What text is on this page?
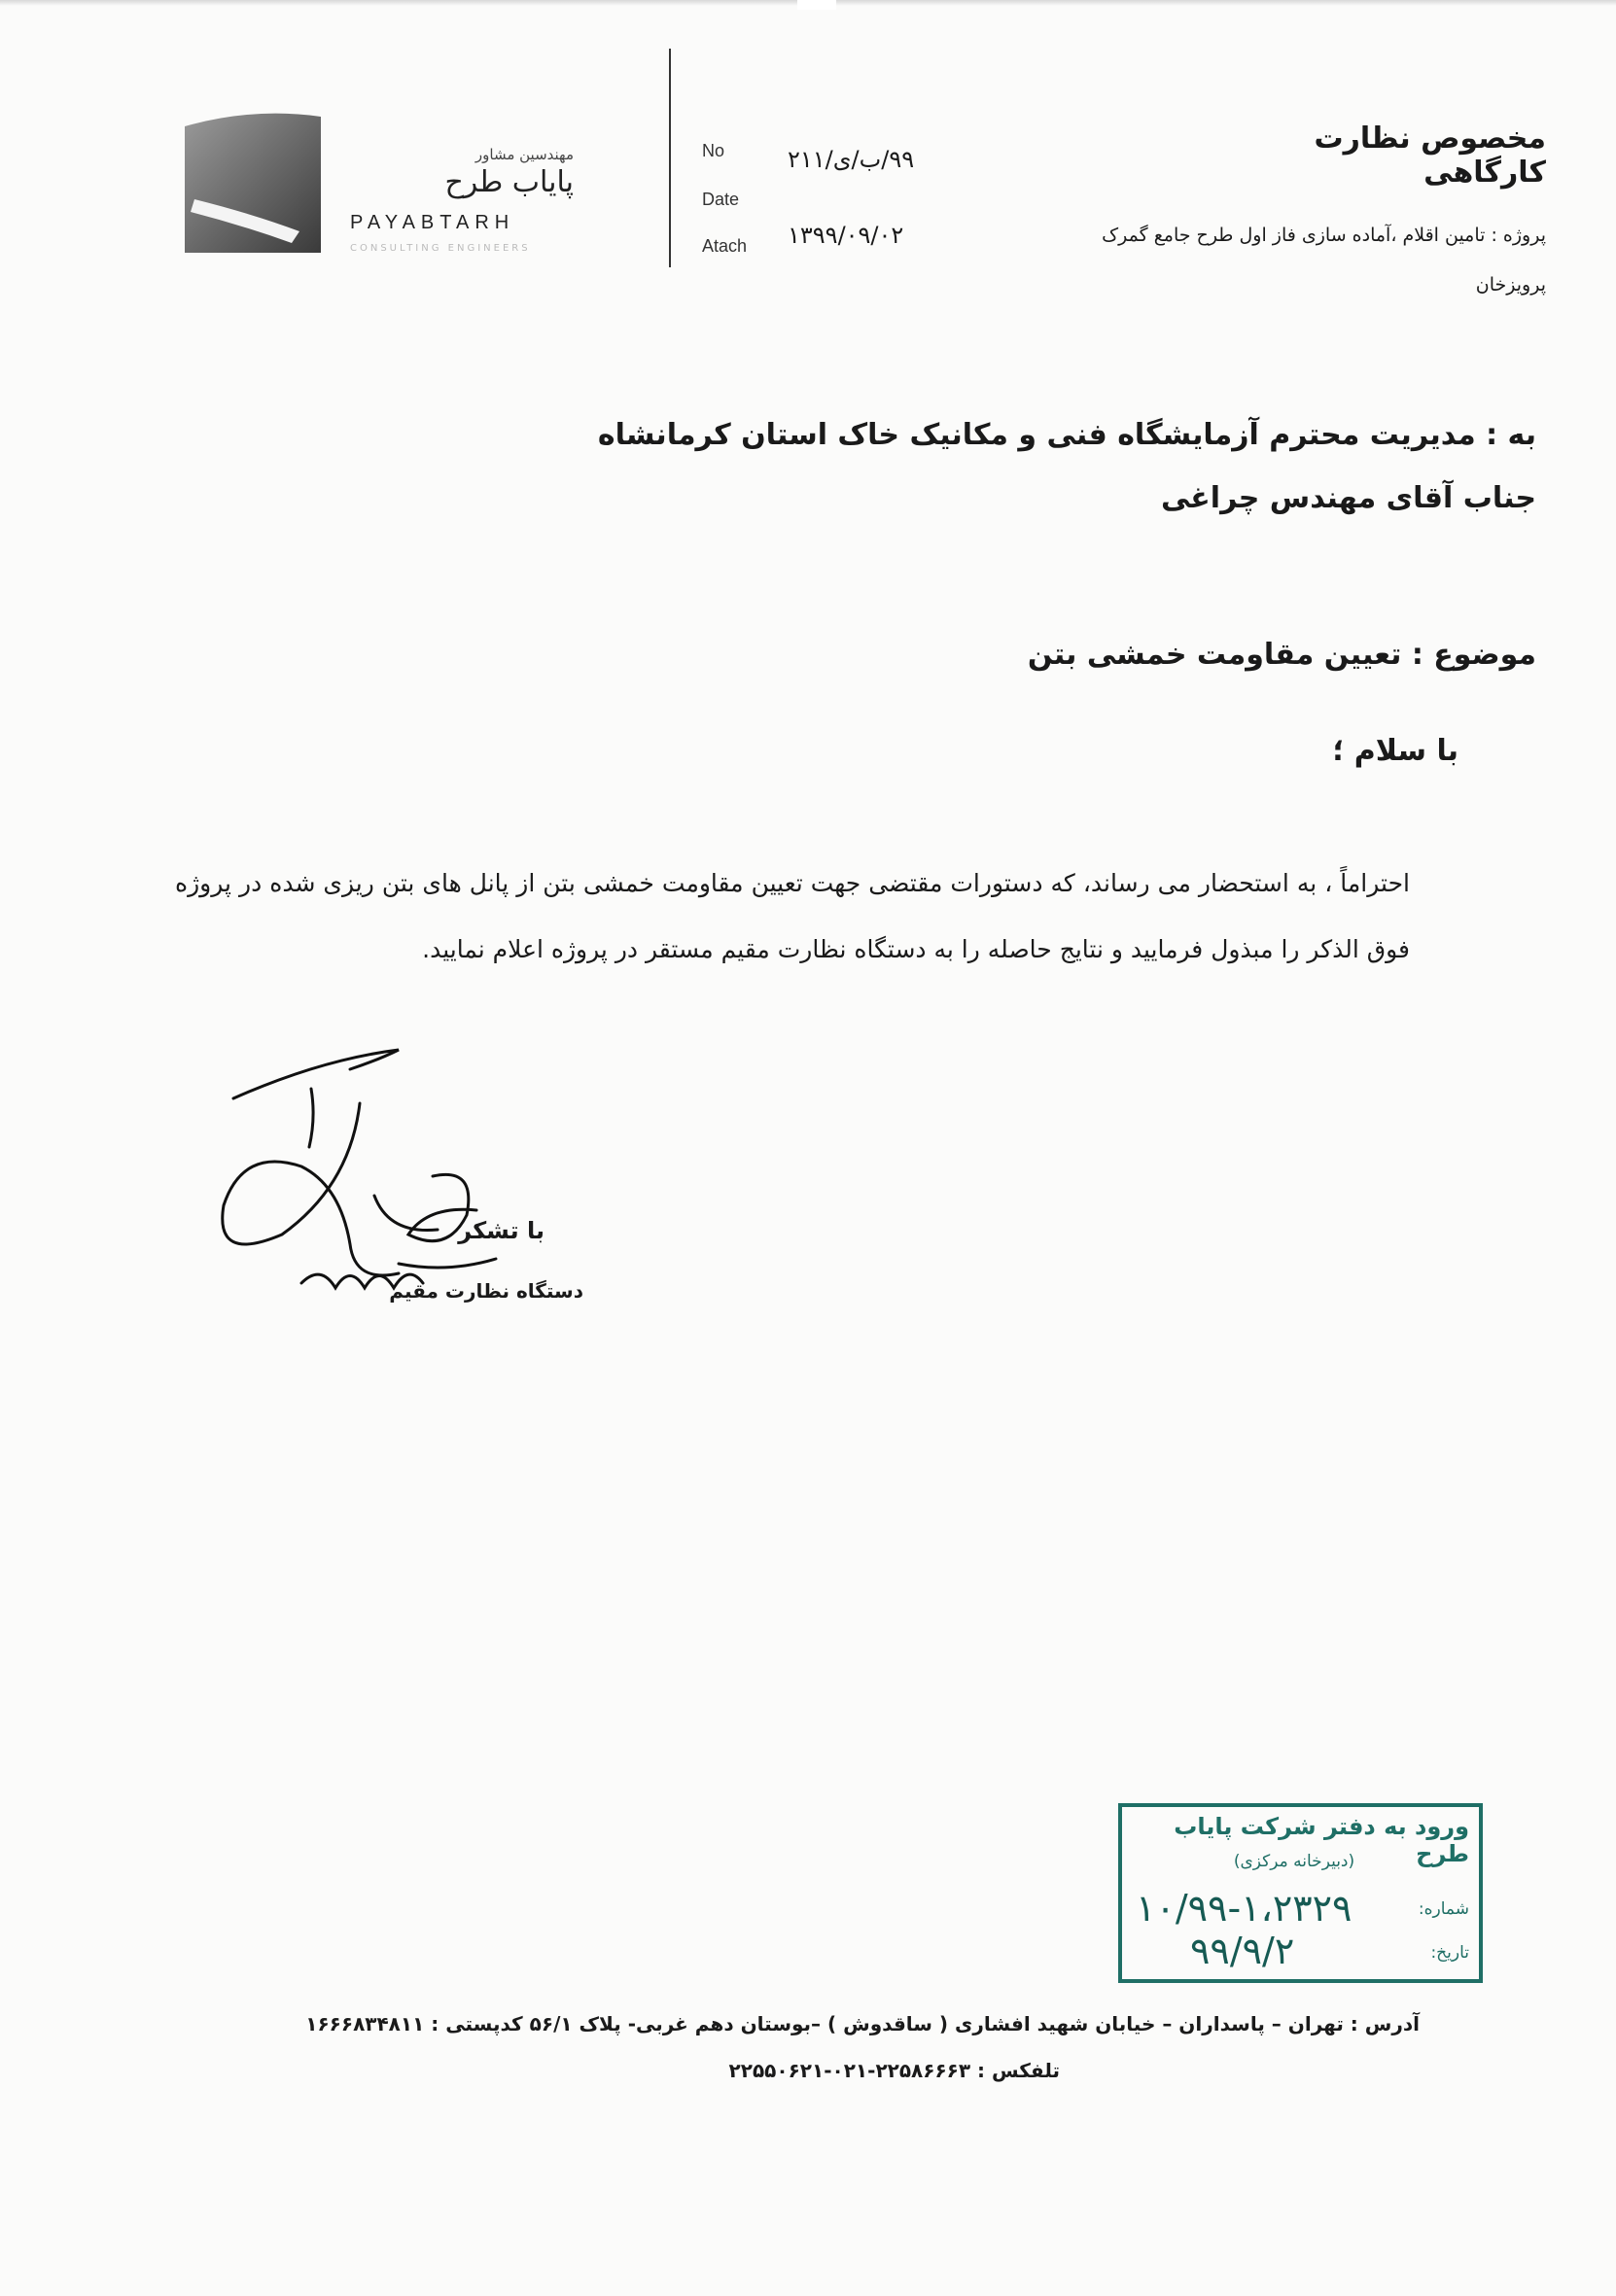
مهندسین مشاور
پایاب طرح
PAYABTARH
CONSULTING ENGINEERS
No	۹۹/ب/ی/۲۱۱
Date
۱۳۹۹/۰۹/۰۲
Atach
مخصوص نظارت کارگاهی
پروژه : تامین اقلام ،آماده سازی فاز اول طرح جامع گمرک
پرویزخان
به : مدیریت محترم آزمایشگاه فنی و مکانیک خاک استان کرمانشاه
جناب آقای مهندس چراغی
موضوع : تعیین مقاومت خمشی بتن
با سلام ؛
احتراماً ، به استحضار می رساند، که دستورات مقتضی جهت تعیین مقاومت خمشی بتن از پانل های بتن ریزی شده در پروژه فوق الذکر را مبذول فرمایید و نتایج حاصله را به دستگاه نظارت مقیم مستقر در پروژه اعلام نمایید.
با تشکر
دستگاه نظارت مقیم
ورود به دفتر شرکت پایاب طرح
(دبیرخانه مرکزی)
شماره:
۱۰/۹۹-۱،۲۳۲۹
تاریخ:
۹۹/۹/۲
آدرس : تهران – پاسداران – خیابان شهید افشاری ( ساقدوش ) –بوستان دهم غربی- پلاک ۵۶/۱ کدپستی : ۱۶۶۶۸۳۴۸۱۱
تلفکس : ۲۲۵۸۶۶۶۳-۰۲۱-۲۲۵۵۰۶۲۱
